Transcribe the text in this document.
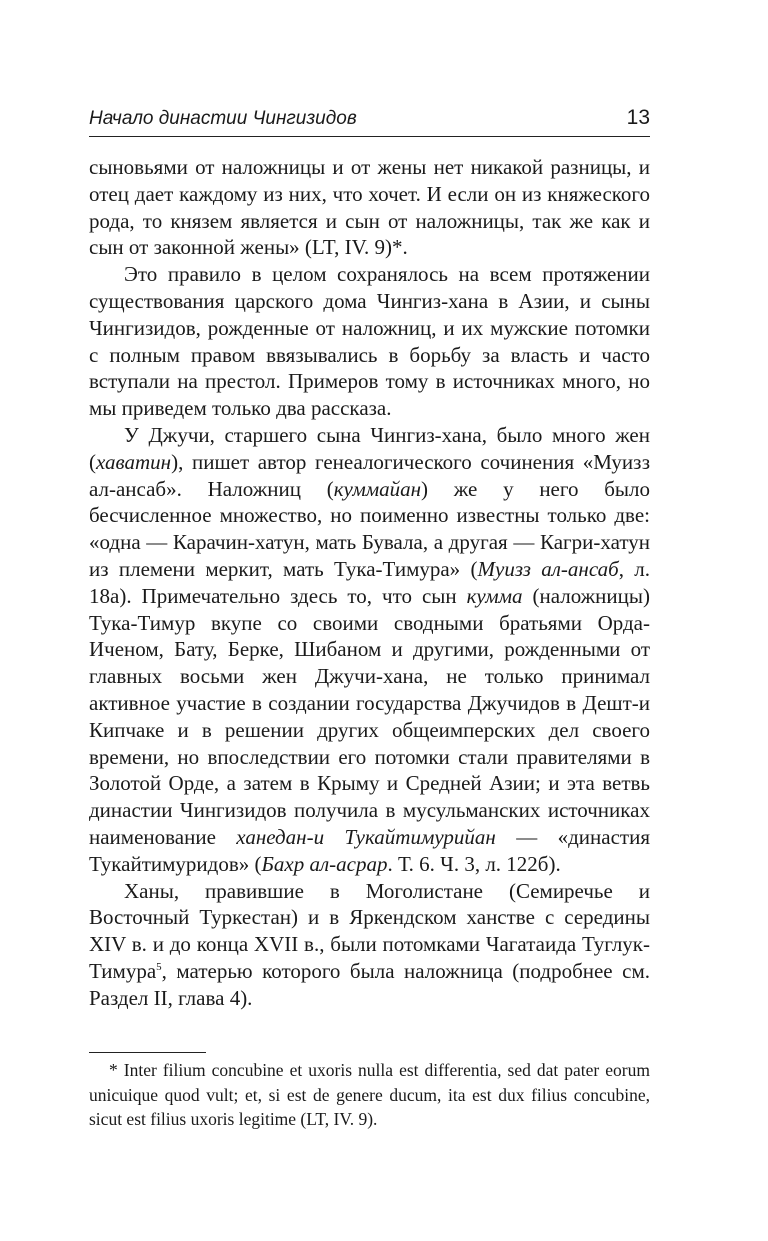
Начало династии Чингизидов	13

сыновьями от наложницы и от жены нет никакой разницы, и отец дает каждому из них, что хочет. И если он из княжеского рода, то князем является и сын от наложницы, так же как и сын от законной жены» (LT, IV. 9)*.

Это правило в целом сохранялось на всем протяжении существования царского дома Чингиз-хана в Азии, и сыны Чингизидов, рожденные от наложниц, и их мужские потомки с полным правом ввязывались в борьбу за власть и часто вступали на престол. Примеров тому в источниках много, но мы приведем только два рассказа.

У Джучи, старшего сына Чингиз-хана, было много жен (хаватин), пишет автор генеалогического сочинения «Муизз ал-ансаб». Наложниц (куммайан) же у него было бесчисленное множество, но поименно известны только две: «одна — Карачин-хатун, мать Бувала, а другая — Кагри-хатун из племени меркит, мать Тука-Тимура» (Муизз ал-ансаб, л. 18а). Примечательно здесь то, что сын кумма (наложницы) Тука-Тимур вкупе со своими сводными братьями Орда-Иченом, Бату, Берке, Шибаном и другими, рожденными от главных восьми жен Джучи-хана, не только принимал активное участие в создании государства Джучидов в Дешт-и Кипчаке и в решении других общеимперских дел своего времени, но впоследствии его потомки стали правителями в Золотой Орде, а затем в Крыму и Средней Азии; и эта ветвь династии Чингизидов получила в мусульманских источниках наименование ханедан-и Тукайтимурийан — «династия Тукайтимуридов» (Бахр ал-асрар. Т. 6. Ч. 3, л. 122б).

Ханы, правившие в Моголистане (Семиречье и Восточный Туркестан) и в Яркендском ханстве с середины XIV в. и до конца XVII в., были потомками Чагатаида Туглук-Тимура$^5$, матерью которого была наложница (подробнее см. Раздел II, глава 4).

* Inter filium concubine et uxoris nulla est differentia, sed dat pater eorum unicuique quod vult; et, si est de genere ducum, ita est dux filius concubine, sicut est filius uxoris legitime (LT, IV. 9).
